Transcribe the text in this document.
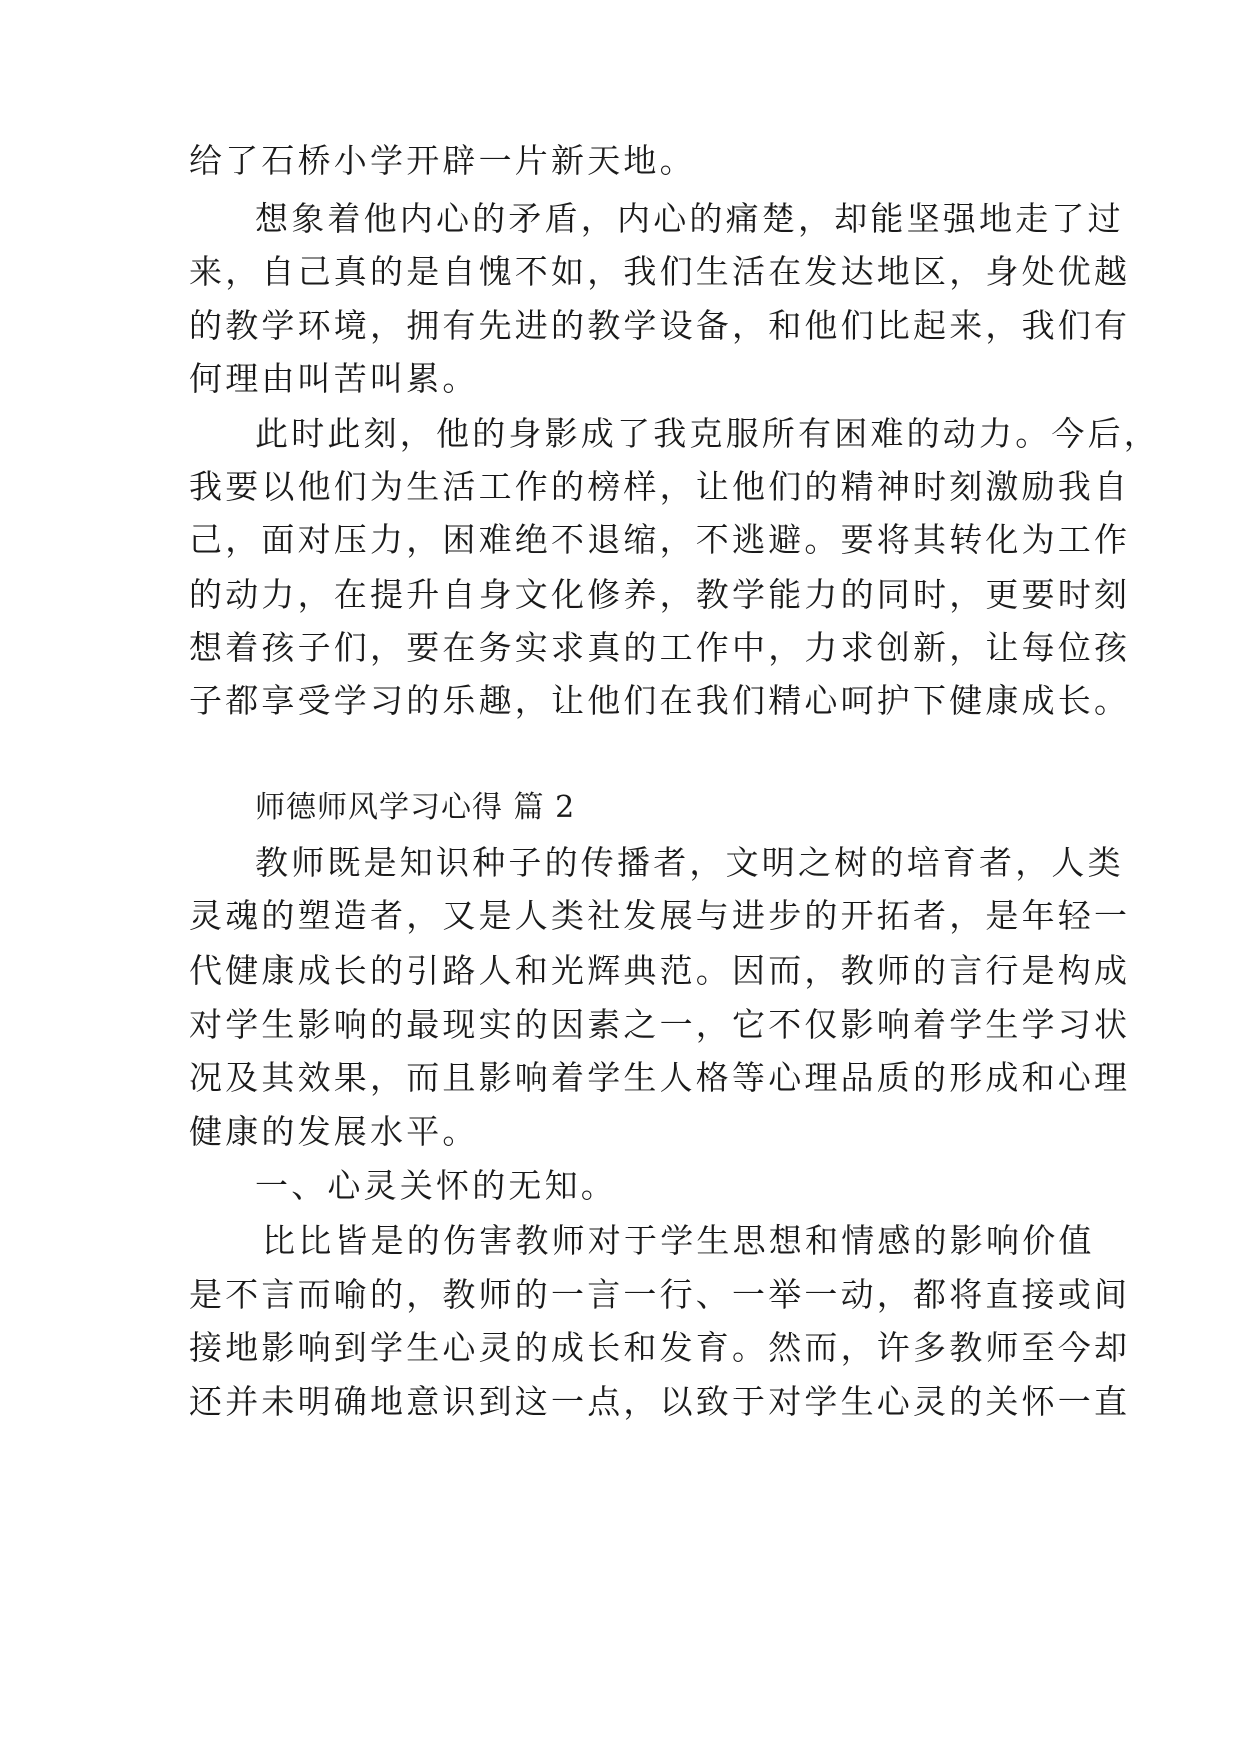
给了石桥小学开辟一片新天地。
想象着他内心的矛盾，内心的痛楚，却能坚强地走了过
来，自己真的是自愧不如，我们生活在发达地区，身处优越
的教学环境，拥有先进的教学设备，和他们比起来，我们有
何理由叫苦叫累。
此时此刻，他的身影成了我克服所有困难的动力。今后，
我要以他们为生活工作的榜样，让他们的精神时刻激励我自
己，面对压力，困难绝不退缩，不逃避。要将其转化为工作
的动力，在提升自身文化修养，教学能力的同时，更要时刻
想着孩子们，要在务实求真的工作中，力求创新，让每位孩
子都享受学习的乐趣，让他们在我们精心呵护下健康成长。
师德师风学习心得 篇 2
教师既是知识种子的传播者，文明之树的培育者，人类
灵魂的塑造者，又是人类社发展与进步的开拓者，是年轻一
代健康成长的引路人和光辉典范。因而，教师的言行是构成
对学生影响的最现实的因素之一，它不仅影响着学生学习状
况及其效果，而且影响着学生人格等心理品质的形成和心理
健康的发展水平。
一、心灵关怀的无知。
比比皆是的伤害教师对于学生思想和情感的影响价值
是不言而喻的，教师的一言一行、一举一动，都将直接或间
接地影响到学生心灵的成长和发育。然而，许多教师至今却
还并未明确地意识到这一点，以致于对学生心灵的关怀一直
